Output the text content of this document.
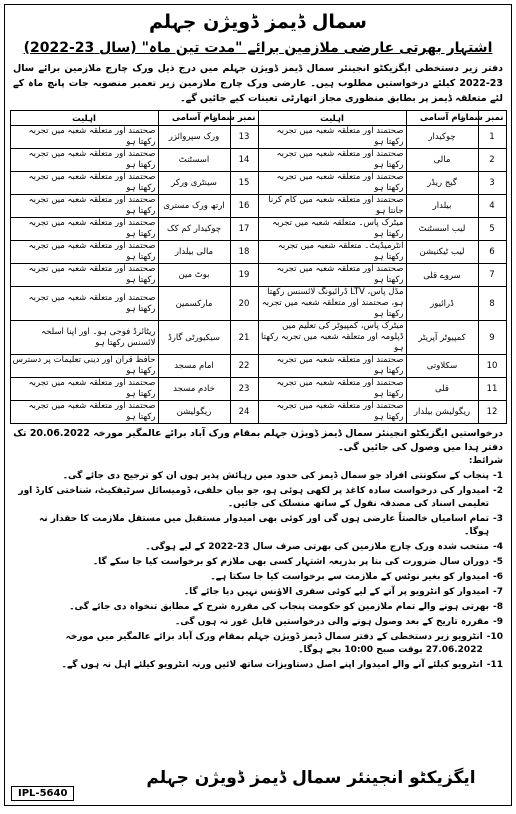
سمال ڈیمز ڈویژن جہلم
اشتہار بھرتی عارضی ملازمین برائے "مدت تین ماہ" (سال 23-2022)
دفتر زیر دستخطی ایگزیکٹو انجینئر سمال ڈیمز ڈویژن جہلم میں درج ذیل ورک چارج ملازمین برائے سال 23-2022 کیلئے درخواستیں مطلوب ہیں۔ عارضی ورک چارج ملازمین زیر تعمیر منصوبہ جات پانچ ماہ کے لئے متعلقہ ڈیمز پر بطابق منظوری مجاز اتھارٹی تعینات کیے جائیں گے۔
نمبر شمار	نام آسامی	اہلیت	نمبر شمار	نام آسامی	اہلیت
1	چوکیدار	صحتمند اور متعلقہ شعبہ میں تجربہ رکھتا ہو	13	ورک سپروائزر	صحتمند اور متعلقہ شعبہ میں تجربہ رکھتا ہو
2	مالی	صحتمند اور متعلقہ شعبہ میں تجربہ رکھتا ہو	14	اسسٹنٹ	صحتمند اور متعلقہ شعبہ میں تجربہ رکھتا ہو
3	گیج ریڈر	صحتمند اور متعلقہ شعبہ میں تجربہ رکھتا ہو	15	سینٹری ورکر	صحتمند اور متعلقہ شعبہ میں تجربہ رکھتا ہو
4	بیلدار	صحتمند اور متعلقہ شعبہ میں کام کرنا جانتا ہو	16	ارتھ ورک مستری	صحتمند اور متعلقہ شعبہ میں تجربہ رکھتا ہو
5	لیب اسسٹنٹ	میٹرک پاس۔ متعلقہ شعبہ میں تجربہ رکھتا ہو	17	چوکیدار کم کک	صحتمند اور متعلقہ شعبہ میں تجربہ رکھتا ہو
6	لیب ٹیکنیشن	انٹرمیڈیٹ۔ متعلقہ شعبہ میں تجربہ رکھتا ہو	18	مالی بیلدار	صحتمند اور متعلقہ شعبہ میں تجربہ رکھتا ہو
7	سروے قلی	صحتمند اور متعلقہ شعبہ میں تجربہ رکھتا ہو	19	بوٹ مین	صحتمند اور متعلقہ شعبہ میں تجربہ رکھتا ہو
8	ڈرائیور	مڈل پاس، LTV ڈرائیونگ لائسنس رکھتا ہو، صحتمند اور متعلقہ شعبہ میں تجربہ رکھتا ہو	20	مارکسمین	صحتمند اور متعلقہ شعبہ میں تجربہ رکھتا ہو
9	کمپیوٹر آپریٹر	میٹرک پاس، کمپیوٹر کی تعلیم میں ڈپلومہ اور متعلقہ شعبہ میں تجربہ رکھتا ہو	21	سیکیورٹی گارڈ	ریٹائرڈ فوجی ہو۔ اور اپنا اسلحہ لائسنس رکھتا ہو
10	سکلاوتی	صحتمند اور متعلقہ شعبہ میں تجربہ رکھتا ہو	22	امام مسجد	حافظ قرآن اور دینی تعلیمات پر دسترس رکھتا ہو
11	قلی	صحتمند اور متعلقہ شعبہ میں تجربہ رکھتا ہو	23	خادم مسجد	صحتمند اور متعلقہ شعبہ میں تجربہ رکھتا ہو
12	ریگولیشن بیلدار	صحتمند اور متعلقہ شعبہ میں تجربہ رکھتا ہو	24	ریگولیشن	صحتمند اور متعلقہ شعبہ میں تجربہ رکھتا ہو
درخواستیں ایگزیکٹو انجینئر سمال ڈیمز ڈویژن جہلم بمقام ورک آباد برائے عالمگیر مورخہ 20.06.2022 تک دفتر ہذا میں وصول کی جائیں گی۔
شرائط:
1-
پنجاب کے سکونتی افراد جو سمال ڈیمز کی حدود میں رہائش پذیر ہوں ان کو ترجیح دی جائے گی۔
2-
امیدوار کی درخواست سادہ کاغذ پر لکھی ہوئی ہو، جو بیان حلفی، ڈومیسائل سرٹیفکیٹ، شناختی کارڈ اور تعلیمی اسناد کی مصدقہ نقول کے ساتھ منسلک کی جائیں۔
3-
تمام اسامیاں خالصتاً عارضی ہوں گی اور کوئی بھی امیدوار مستقبل میں مستقل ملازمت کا حقدار نہ ہوگا۔
4-
منتخب شدہ ورک چارج ملازمین کی بھرتی صرف سال 23-2022 کے لیے ہوگی۔
5-
دوران سال ضرورت کی بنا پر بذریعہ اشتہار کسی بھی ملازم کو برخواست کیا جا سکے گا۔
6-
امیدوار کو بغیر نوٹس کے ملازمت سے برخواست کیا جا سکتا ہے۔
7-
امیدوار کو انٹرویو پر آنے کے لیے کوئی سفری الاؤنس نہیں دیا جائے گا۔
8-
بھرتی ہونے والے تمام ملازمین کو حکومت پنجاب کی مقررہ شرح کے مطابق تنخواہ دی جائے گی۔
9-
مقررہ تاریخ کے بعد وصول ہونے والی درخواستیں قابل غور نہ ہوں گی۔
10-
انٹرویو زیر دستخطی کے دفتر سمال ڈیمز ڈویژن جہلم بمقام ورک آباد برائے عالمگیر میں مورخہ 27.06.2022 بوقت صبح 10:00 بجے ہوگا۔
11-
انٹرویو کیلئے آنے والے امیدوار اپنے اصل دستاویزات ساتھ لائیں ورنہ انٹرویو کیلئے اہل نہ ہوں گے۔
ایگزیکٹو انجینئر سمال ڈیمز ڈویژن جہلم
IPL-5640
